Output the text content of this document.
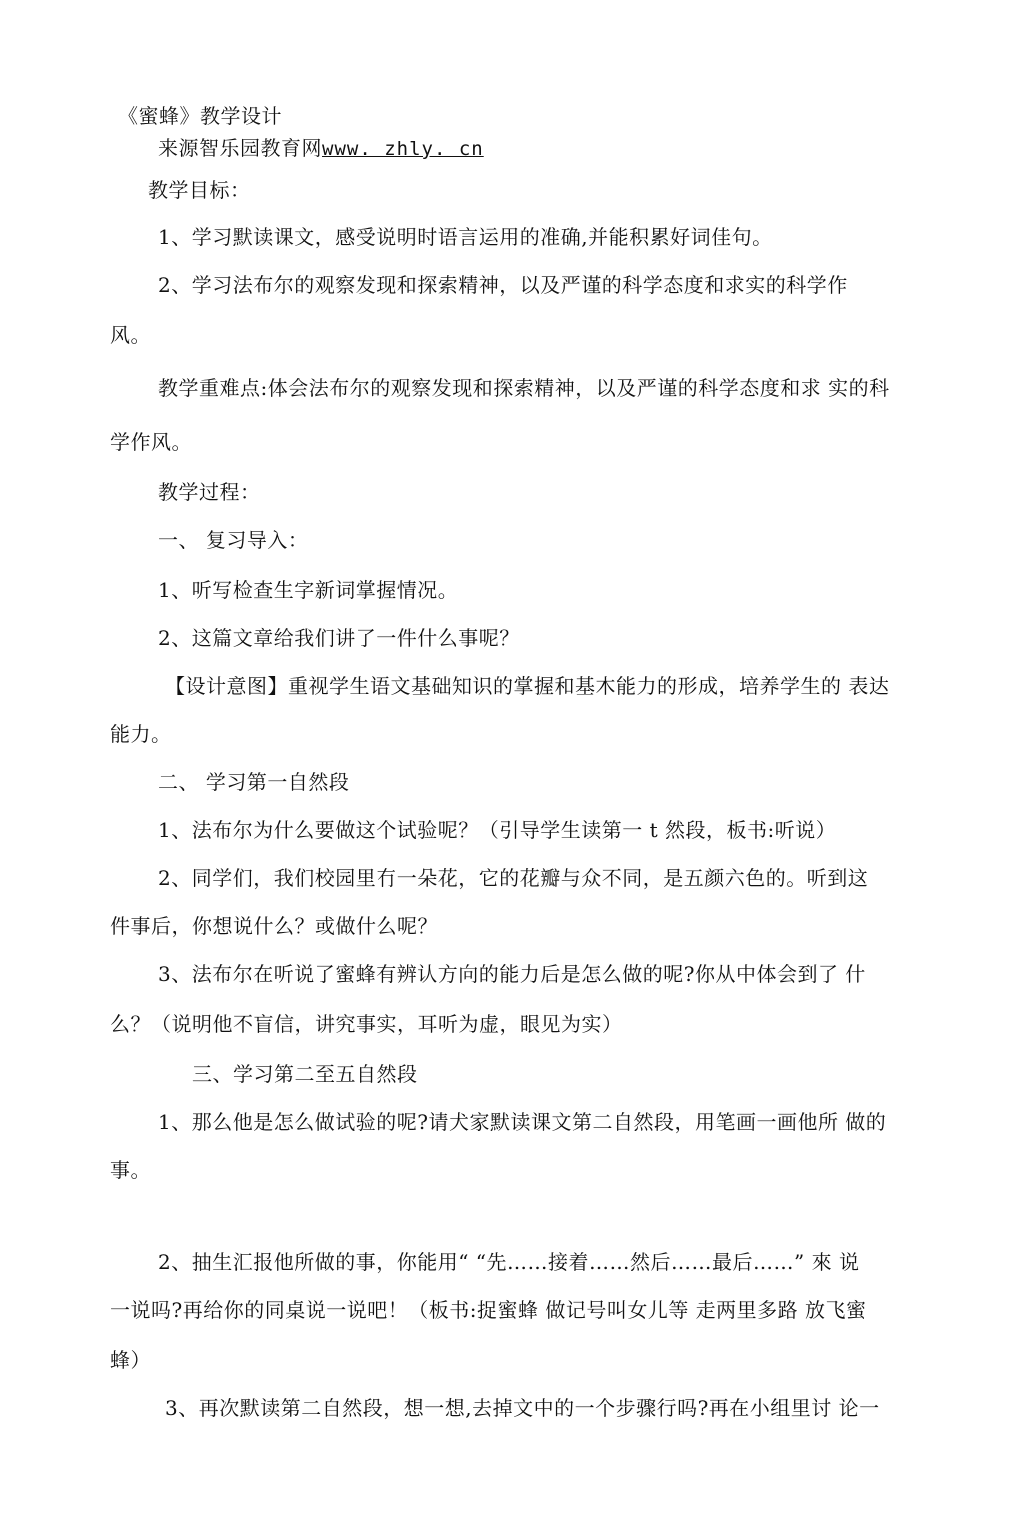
《蜜蜂》教学设计
来源智乐园教育网www. zhly. cn
教学目标：
1、学习默读课文，感受说明时语言运用的准确,并能积累好词佳句。
2、学习法布尔的观察发现和探索精神，以及严谨的科学态度和求实的科学作
风。
教学重难点:体会法布尔的观察发现和探索精神，以及严谨的科学态度和求 实的科
学作风。
教学过程：
一、 复习导入：
1、听写检查生字新词掌握情况。
2、这篇文章给我们讲了一件什么事呢？
【设计意图】重视学生语文基础知识的掌握和基木能力的形成，培养学生的 表达
能力。
二、 学习第一自然段
1、法布尔为什么要做这个试验呢？（引导学生读第一 t 然段，板书:听说）
2、同学们，我们校园里冇一朵花，它的花瓣与众不同，是五颜六色的。听到这
件事后，你想说什么？或做什么呢？
3、法布尔在听说了蜜蜂有辨认方向的能力后是怎么做的呢?你从中体会到了 什
么？（说明他不盲信，讲究事实，耳听为虚，眼见为实）
三、学习第二至五自然段
1、那么他是怎么做试验的呢?请犬家默读课文第二自然段，用笔画一画他所 做的
事。
2、抽生汇报他所做的事，你能用“ “先……接着……然后……最后……” 來 说
一说吗?再给你的同桌说一说吧！（板书:捉蜜蜂 做记号叫女儿等 走两里多路 放飞蜜
蜂）
3、再次默读第二自然段，想一想,去掉文中的一个步骤行吗?再在小组里讨 论一
